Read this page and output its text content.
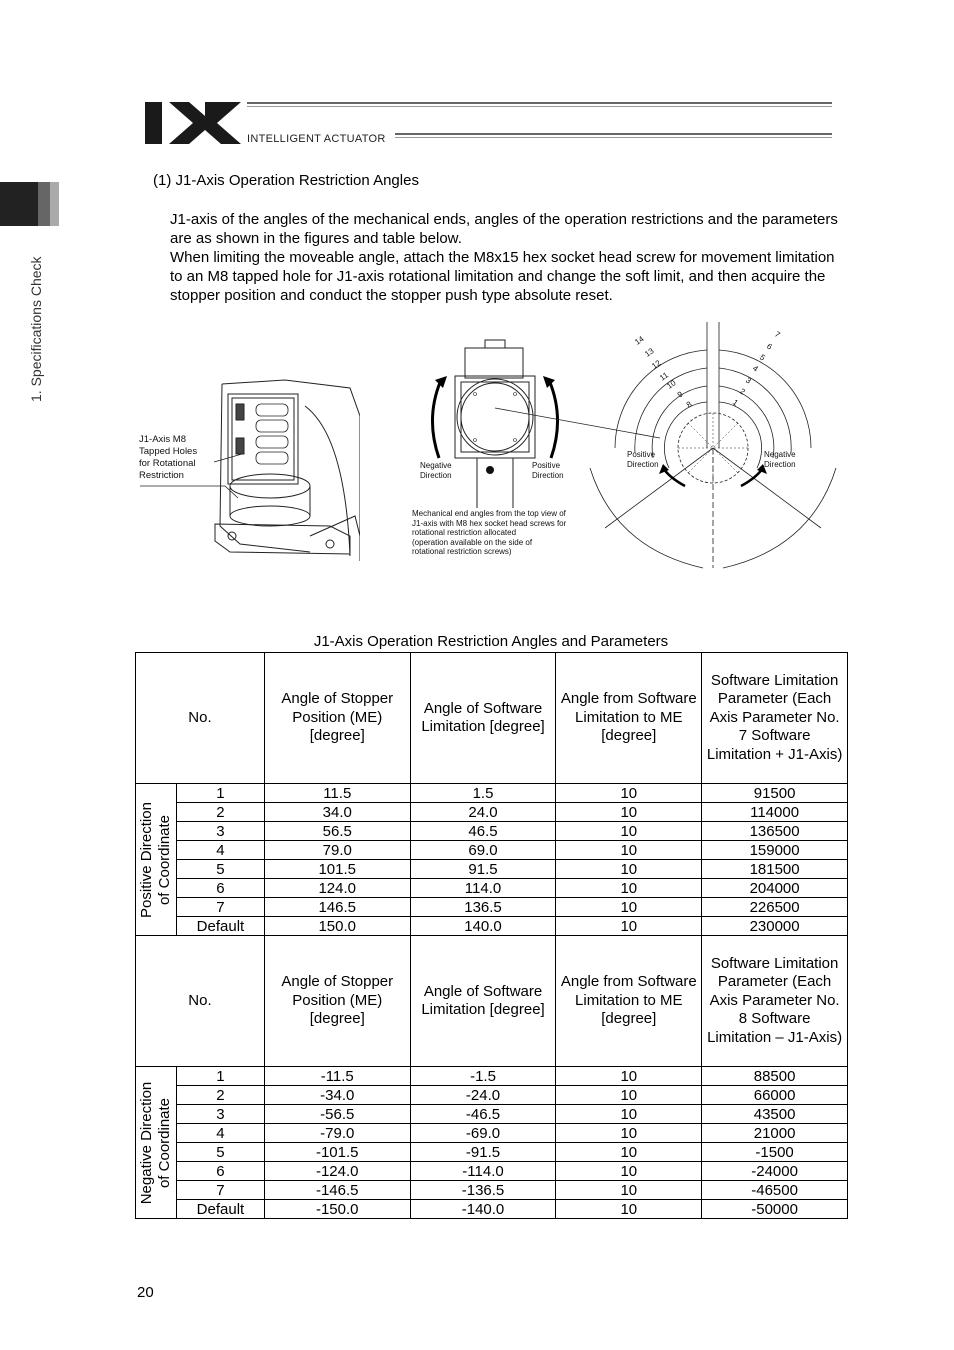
INTELLIGENT ACTUATOR
1. Specifications Check
(1) J1-Axis Operation Restriction Angles

J1-axis of the angles of the mechanical ends, angles of the operation restrictions and the parameters are as shown in the figures and table below.

When limiting the moveable angle, attach the M8x15 hex socket head screw for movement limitation to an M8 tapped hole for J1-axis rotational limitation and change the soft limit, and then acquire the stopper position and conduct the stopper push type absolute reset.

J1-Axis M8
Tapped Holes
for Rotational
Restriction
Negative
Direction
Positive
Direction
Mechanical end angles from the top view of
J1-axis with M8 hex socket head screws for
rotational restriction allocated
(operation available on the side of
rotational restriction screws)
14
13
12
11
10
9
8
7
6
5
4
3
2
1
Positive
Direction
Negative
Direction
J1-Axis Operation Restriction Angles and Parameters
No.		Angle of Stopper Position (ME) [degree]	Angle of Software Limitation [degree]	Angle from Software Limitation to ME [degree]	Software Limitation Parameter (Each Axis Parameter No. 7 Software Limitation + J1-Axis)

Positive Direction of Coordinate	1	11.5	1.5	10	91500
	2	34.0	24.0	10	114000
	3	56.5	46.5	10	136500
	4	79.0	69.0	10	159000
	5	101.5	91.5	10	181500
	6	124.0	114.0	10	204000
	7	146.5	136.5	10	226500
	Default	150.0	140.0	10	230000
No.		Angle of Stopper Position (ME) [degree]	Angle of Software Limitation [degree]	Angle from Software Limitation to ME [degree]	Software Limitation Parameter (Each Axis Parameter No. 8 Software Limitation – J1-Axis)

Negative Direction of Coordinate	1	-11.5	-1.5	10	88500
	2	-34.0	-24.0	10	66000
	3	-56.5	-46.5	10	43500
	4	-79.0	-69.0	10	21000
	5	-101.5	-91.5	10	-1500
	6	-124.0	-114.0	10	-24000
	7	-146.5	-136.5	10	-46500
	Default	-150.0	-140.0	10	-50000
20
